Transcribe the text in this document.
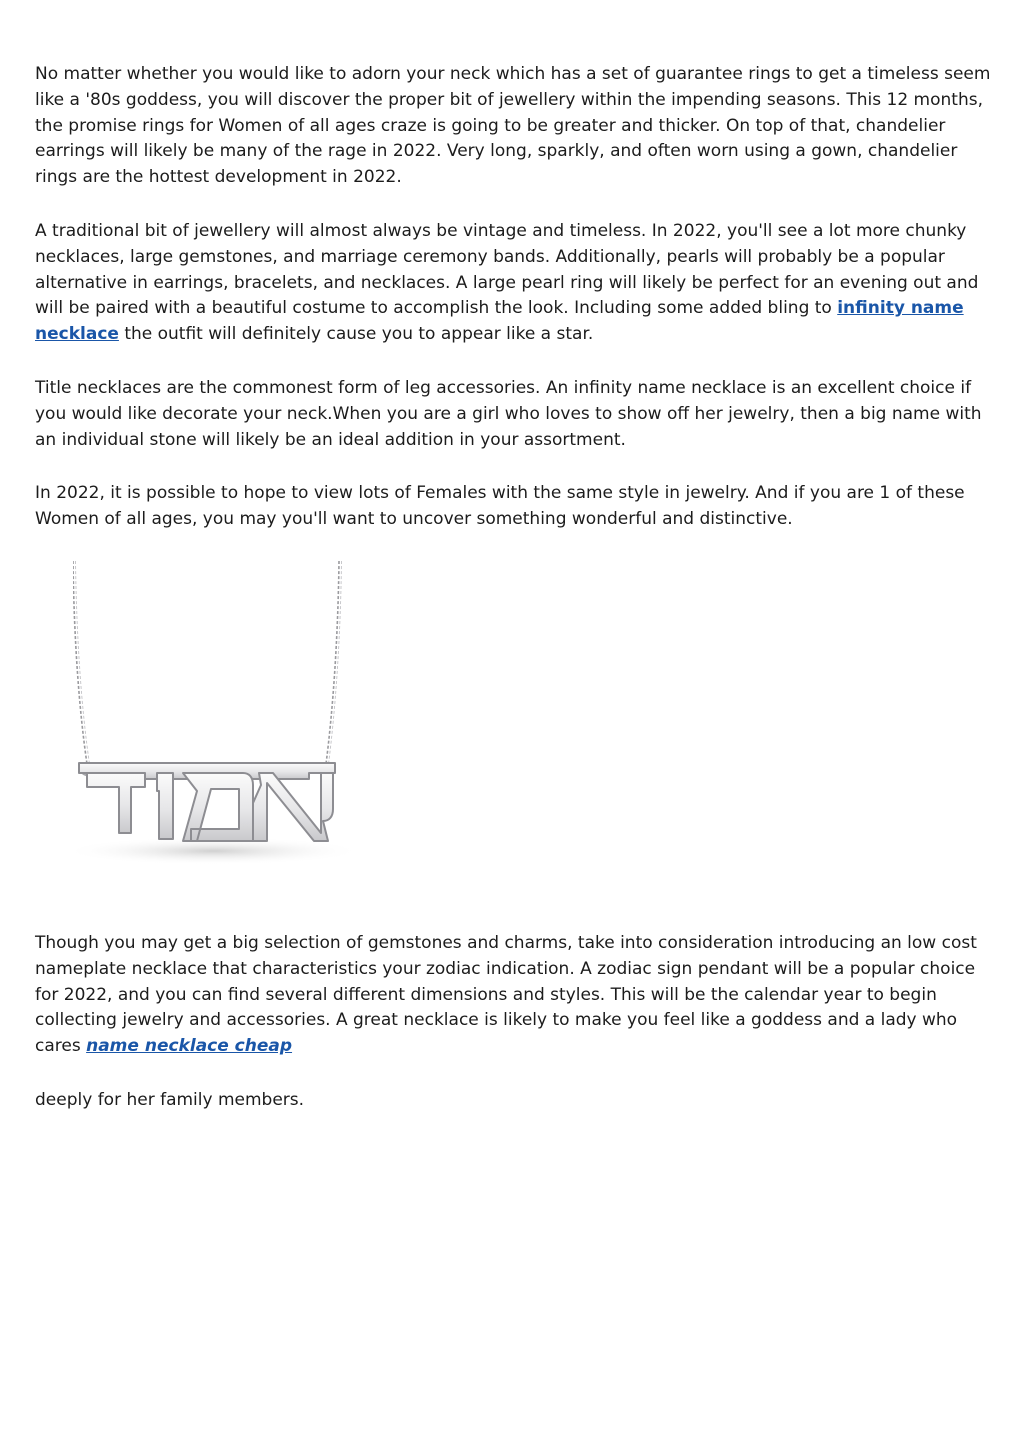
No matter whether you would like to adorn your neck which has a set of guarantee rings to get a timeless seem like a '80s goddess, you will discover the proper bit of jewellery within the impending seasons. This 12 months, the promise rings for Women of all ages craze is going to be greater and thicker. On top of that, chandelier earrings will likely be many of the rage in 2022. Very long, sparkly, and often worn using a gown, chandelier rings are the hottest development in 2022.

A traditional bit of jewellery will almost always be vintage and timeless. In 2022, you'll see a lot more chunky necklaces, large gemstones, and marriage ceremony bands. Additionally, pearls will probably be a popular alternative in earrings, bracelets, and necklaces. A large pearl ring will likely be perfect for an evening out and will be paired with a beautiful costume to accomplish the look. Including some added bling to infinity name necklace the outfit will definitely cause you to appear like a star.

Title necklaces are the commonest form of leg accessories. An infinity name necklace is an excellent choice if you would like decorate your neck.When you are a girl who loves to show off her jewelry, then a big name with an individual stone will likely be an ideal addition in your assortment.

In 2022, it is possible to hope to view lots of Females with the same style in jewelry. And if you are 1 of these Women of all ages, you may you'll want to uncover something wonderful and distinctive.

אמוד

Though you may get a big selection of gemstones and charms, take into consideration introducing an low cost nameplate necklace that characteristics your zodiac indication. A zodiac sign pendant will be a popular choice for 2022, and you can find several different dimensions and styles. This will be the calendar year to begin collecting jewelry and accessories. A great necklace is likely to make you feel like a goddess and a lady who cares name necklace cheap

deeply for her family members.
